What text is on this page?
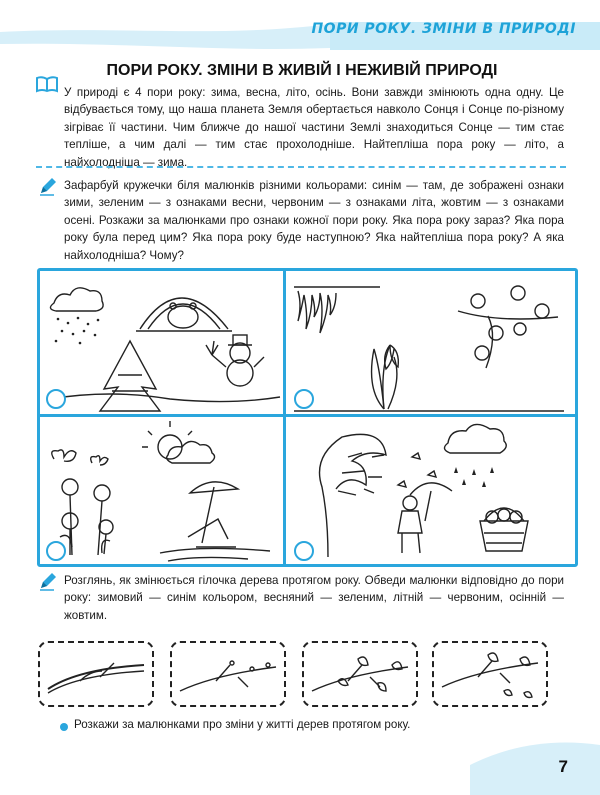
ПОРИ РОКУ. ЗМІНИ В ПРИРОДІ
ПОРИ РОКУ. ЗМІНИ В ЖИВІЙ І НЕЖИВІЙ ПРИРОДІ
У природі є 4 пори року: зима, весна, літо, осінь. Вони завжди змінюють одна одну. Це відбувається тому, що наша планета Земля обертається навколо Сонця і Сонце по-різному зігріває її частини. Чим ближче до нашої частини Землі знаходиться Сонце — тим стає тепліше, а чим далі — тим стає прохолодніше. Найтепліша пора року — літо, а найхолодніша — зима.
Зафарбуй кружечки біля малюнків різними кольорами: синім — там, де зображені ознаки зими, зеленим — з ознаками весни, червоним — з ознаками літа, жовтим — з ознаками осені. Розкажи за малюнками про ознаки кожної пори року. Яка пора року зараз? Яка пора року була перед цим? Яка пора року буде наступною? Яка найтепліша пора року? А яка найхолодніша? Чому?
Розглянь, як змінюється гілочка дерева протягом року. Обведи малюнки відповідно до пори року: зимовий — синім кольором, весняний — зеленим, літній — червоним, осінній — жовтим.
Розкажи за малюнками про зміни у житті дерев протягом року.
7
